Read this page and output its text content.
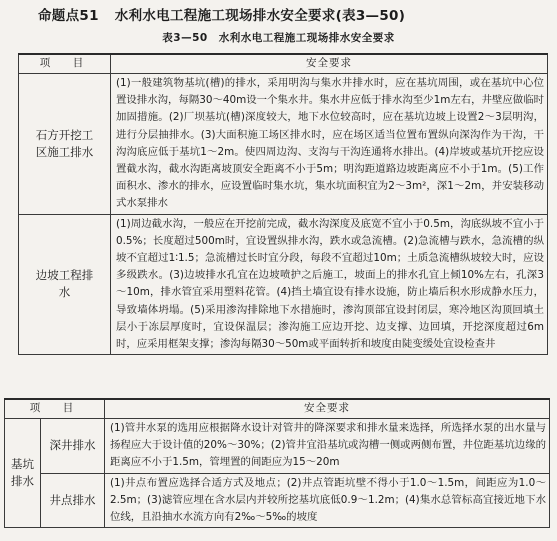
命题点51 水利水电工程施工现场排水安全要求(表3—50)
表3—50　水利水电工程施工现场排水安全要求
项　目	安全要求

石方开挖工区施工排水	(1)一般建筑物基坑(槽)的排水，采用明沟与集水井排水时，应在基坑周围，或在基坑中心位置设排水沟，每隔30～40m设一个集水井。集水井应低于排水沟至少1m左右，井壁应做临时加固措施。(2)厂坝基坑(槽)深度较大，地下水位较高时，应在基坑边坡上设置2～3层明沟，进行分层抽排水。(3)大面积施工场区排水时，应在场区适当位置布置纵向深沟作为干沟，干沟沟底应低于基坑1～2m。使四周边沟、支沟与干沟连通将水排出。(4)岸坡或基坑开挖应设置截水沟，截水沟距离坡顶安全距离不小于5m；明沟距道路边坡距离应不小于1m。(5)工作面积水、渗水的排水，应设置临时集水坑，集水坑面积宜为2～3m²，深1～2m，并安装移动式水泵排水

边坡工程排水	(1)周边截水沟，一般应在开挖前完成，截水沟深度及底宽不宜小于0.5m，沟底纵坡不宜小于0.5%；长度超过500m时，宜设置纵排水沟，跌水或急流槽。(2)急流槽与跌水，急流槽的纵坡不宜超过1∶1.5；急流槽过长时宜分段，每段不宜超过10m；土质急流槽纵坡较大时，应设多级跌水。(3)边坡排水孔宜在边坡喷护之后施工，坡面上的排水孔宜上倾10%左右，孔深3～10m，排水管宜采用塑料花管。(4)挡土墙宜设有排水设施，防止墙后积水形成静水压力，导致墙体坍塌。(5)采用渗沟排除地下水措施时，渗沟顶部宜设封闭层，寒冷地区沟顶回填土层小于冻层厚度时，宜设保温层；渗沟施工应边开挖、边支撑、边回填，开挖深度超过6m时，应采用框架支撑；渗沟每隔30～50m或平面转折和坡度由陡变缓处宜设检查井
项　目		安全要求

基坑排水	深井排水	(1)管井水泵的选用应根据降水设计对管井的降深要求和排水量来选择，所选择水泵的出水量与扬程应大于设计值的20%～30%；(2)管井宜沿基坑或沟槽一侧或两侧布置，井位距基坑边缘的距离应不小于1.5m，管埋置的间距应为15～20m
	井点排水	(1)井点布置应选择合适方式及地点；(2)井点管距坑壁不得小于1.0～1.5m，间距应为1.0～2.5m；(3)滤管应埋在含水层内并较所挖基坑底低0.9～1.2m；(4)集水总管标高宜接近地下水位线，且沿抽水水流方向有2‰～5‰的坡度
